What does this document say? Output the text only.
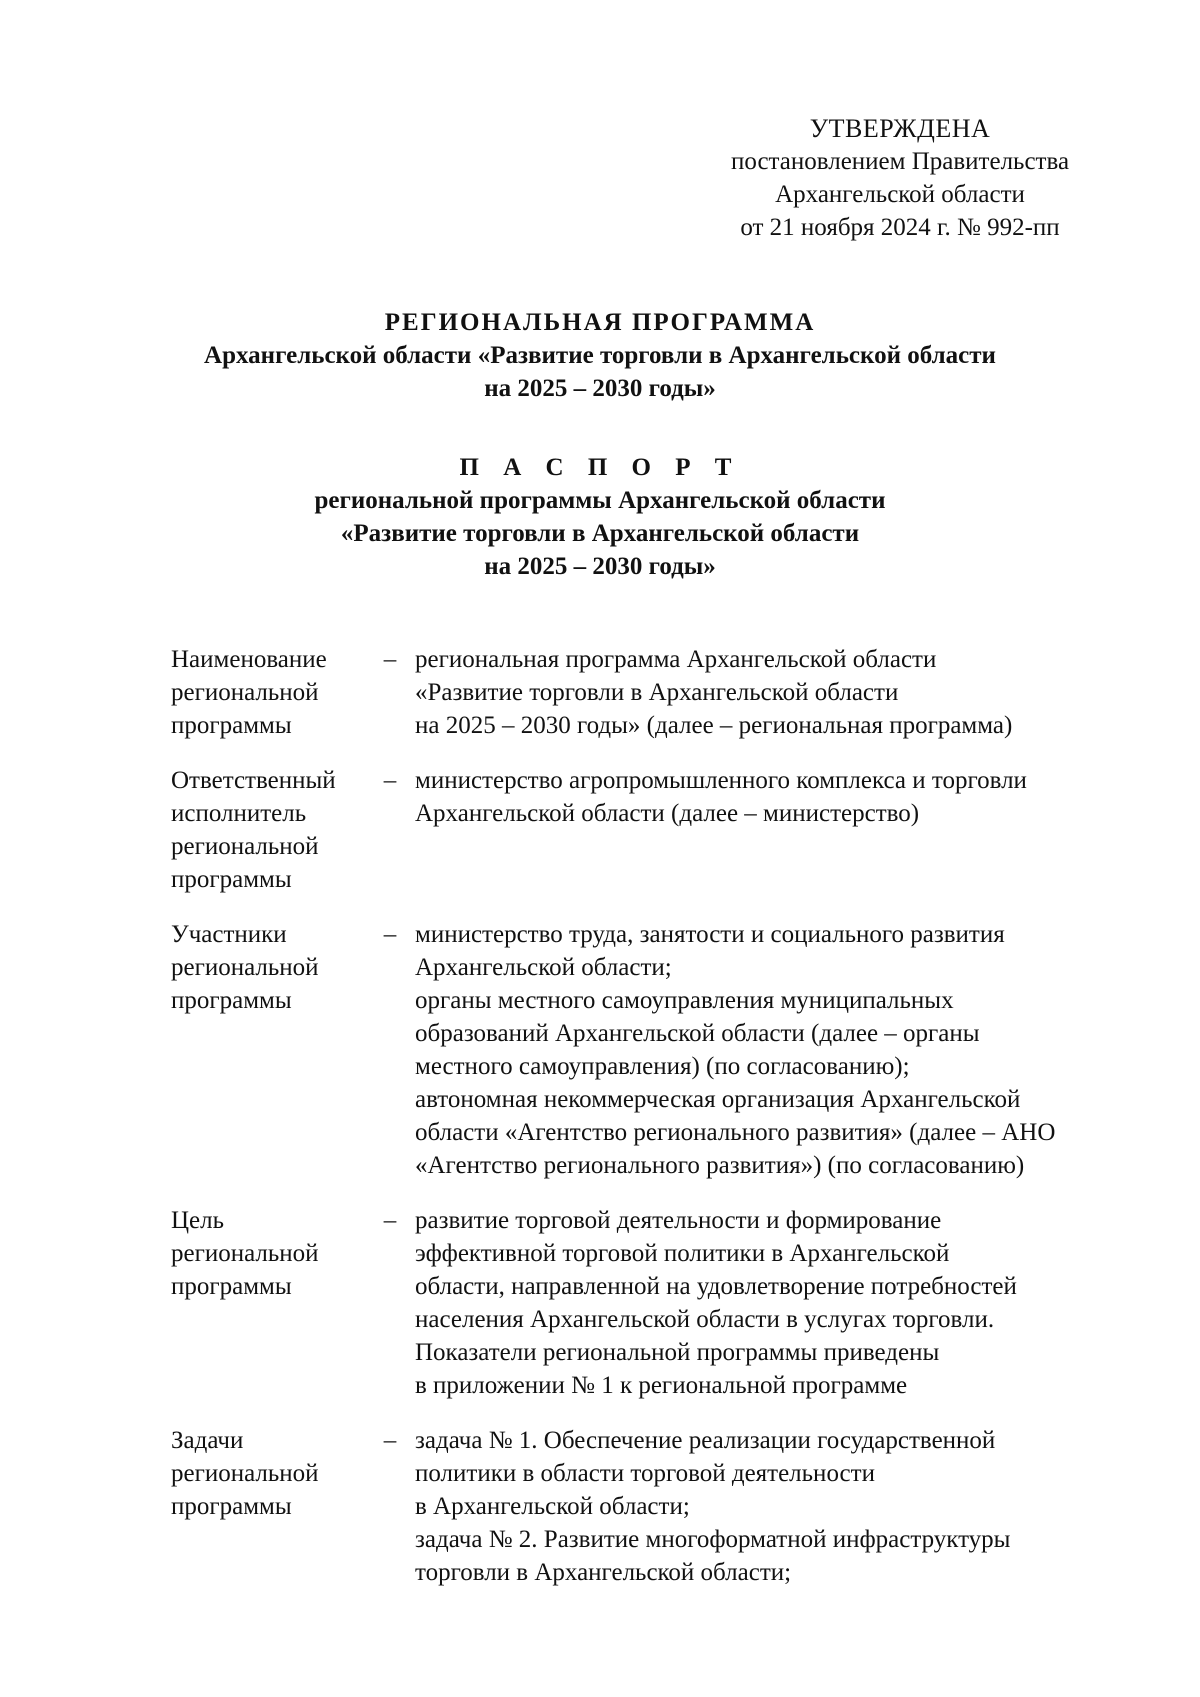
УТВЕРЖДЕНА
постановлением Правительства
Архангельской области
от 21 ноября 2024 г. № 992-пп
РЕГИОНАЛЬНАЯ ПРОГРАММА
Архангельской области «Развитие торговли в Архангельской области
на 2025 – 2030 годы»
П А С П О Р Т
региональной программы Архангельской области
«Развитие торговли в Архангельской области
на 2025 – 2030 годы»
Наименование
региональной
программы
– региональная программа Архангельской области
«Развитие торговли в Архангельской области
на 2025 – 2030 годы» (далее – региональная программа)
Ответственный
исполнитель
региональной
программы
– министерство агропромышленного комплекса и торговли
Архангельской области (далее – министерство)
Участники
региональной
программы
– министерство труда, занятости и социального развития
Архангельской области;
органы местного самоуправления муниципальных
образований Архангельской области (далее – органы
местного самоуправления) (по согласованию);
автономная некоммерческая организация Архангельской
области «Агентство регионального развития» (далее – АНО
«Агентство регионального развития») (по согласованию)
Цель
региональной
программы
– развитие торговой деятельности и формирование
эффективной торговой политики в Архангельской
области, направленной на удовлетворение потребностей
населения Архангельской области в услугах торговли.
Показатели региональной программы приведены
в приложении № 1 к региональной программе
Задачи
региональной
программы
– задача № 1. Обеспечение реализации государственной
политики в области торговой деятельности
в Архангельской области;
задача № 2. Развитие многоформатной инфраструктуры
торговли в Архангельской области;
